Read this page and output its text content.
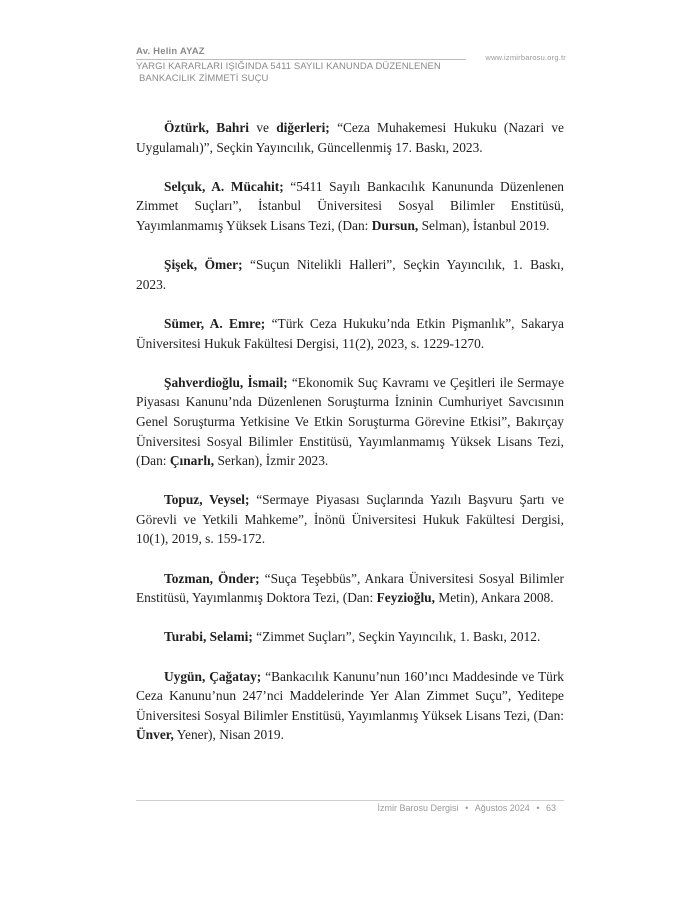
Av. Helin AYAZ
www.izmirbarosu.org.tr
YARGI KARARLARI IŞIĞINDA 5411 SAYILI KANUNDA DÜZENLENEN
BANKACILIK ZİMMETİ SUÇU

Öztürk, Bahri ve diğerleri; “Ceza Muhakemesi Hukuku (Nazari ve Uygulamalı)”, Seçkin Yayıncılık, Güncellenmiş 17. Baskı, 2023.

Selçuk, A. Mücahit; “5411 Sayılı Bankacılık Kanununda Düzenlenen Zimmet Suçları”, İstanbul Üniversitesi Sosyal Bilimler Enstitüsü, Yayımlanmamış Yüksek Lisans Tezi, (Dan: Dursun, Selman), İstanbul 2019.

Şişek, Ömer; “Suçun Nitelikli Halleri”, Seçkin Yayıncılık, 1. Baskı, 2023.

Sümer, A. Emre; “Türk Ceza Hukuku’nda Etkin Pişmanlık”, Sakarya Üniversitesi Hukuk Fakültesi Dergisi, 11(2), 2023, s. 1229-1270.

Şahverdioğlu, İsmail; “Ekonomik Suç Kavramı ve Çeşitleri ile Sermaye Piyasası Kanunu’nda Düzenlenen Soruşturma İzninin Cumhuriyet Savcısının Genel Soruşturma Yetkisine Ve Etkin Soruşturma Görevine Etkisi”, Bakırçay Üniversitesi Sosyal Bilimler Enstitüsü, Yayımlanmamış Yüksek Lisans Tezi, (Dan: Çınarlı, Serkan), İzmir 2023.

Topuz, Veysel; “Sermaye Piyasası Suçlarında Yazılı Başvuru Şartı ve Görevli ve Yetkili Mahkeme”, İnönü Üniversitesi Hukuk Fakültesi Dergisi, 10(1), 2019, s. 159-172.

Tozman, Önder; “Suça Teşebbüs”, Ankara Üniversitesi Sosyal Bilimler Enstitüsü, Yayımlanmış Doktora Tezi, (Dan: Feyzioğlu, Metin), Ankara 2008.

Turabi, Selami; “Zimmet Suçları”, Seçkin Yayıncılık, 1. Baskı, 2012.

Uygün, Çağatay; “Bankacılık Kanunu’nun 160’ıncı Maddesinde ve Türk Ceza Kanunu’nun 247’nci Maddelerinde Yer Alan Zimmet Suçu”, Yeditepe Üniversitesi Sosyal Bilimler Enstitüsü, Yayımlanmış Yüksek Lisans Tezi, (Dan: Ünver, Yener), Nisan 2019.

İzmir Barosu Dergisi • Ağustos 2024 • 63
